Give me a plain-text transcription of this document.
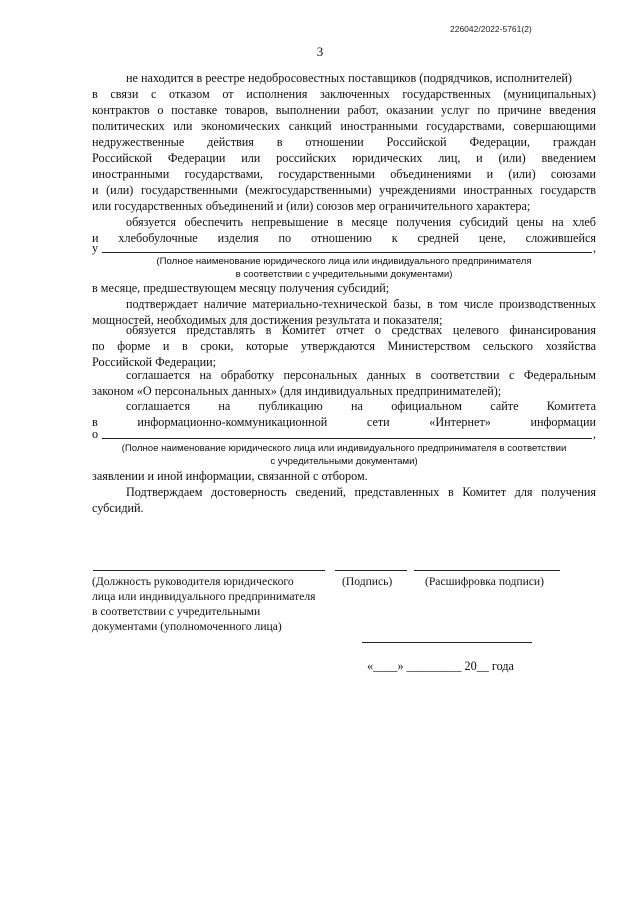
226042/2022-5761(2)
3
не находится в реестре недобросовестных поставщиков (подрядчиков, исполнителей)
в связи с отказом от исполнения заключенных государственных (муниципальных)
контрактов о поставке товаров, выполнении работ, оказании услуг по причине введения
политических или экономических санкций иностранными государствами, совершающими
недружественные действия в отношении Российской Федерации, граждан
Российской Федерации или российских юридических лиц, и (или) введением
иностранными государствами, государственными объединениями и (или) союзами
и (или) государственными (межгосударственными) учреждениями иностранных государств
или государственных объединений и (или) союзов мер ограничительного характера;
обязуется обеспечить непревышение в месяце получения субсидий цены на хлеб
и хлебобулочные изделия по отношению к средней цене, сложившейся
у	,
(Полное наименование юридического лица или индивидуального предпринимателя
в соответствии с учредительными документами)
в месяце, предшествующем месяцу получения субсидий;
подтверждает наличие материально-технической базы, в том числе производственных
мощностей, необходимых для достижения результата и показателя;
обязуется представлять в Комитет отчет о средствах целевого финансирования
по форме и в сроки, которые утверждаются Министерством сельского хозяйства
Российской Федерации;
соглашается на обработку персональных данных в соответствии с Федеральным
законом «О персональных данных» (для индивидуальных предпринимателей);
соглашается на публикацию на официальном сайте Комитета
в информационно-коммуникационной сети «Интернет» информации
о	,
(Полное наименование юридического лица или индивидуального предпринимателя в соответствии
с учредительными документами)
заявлении и иной информации, связанной с отбором.
Подтверждаем достоверность сведений, представленных в Комитет для получения
субсидий.
(Должность руководителя юридического
лица или индивидуального предпринимателя
в соответствии с учредительными
документами (уполномоченного лица)
(Подпись)	(Расшифровка подписи)
«____» _________ 20__ года
